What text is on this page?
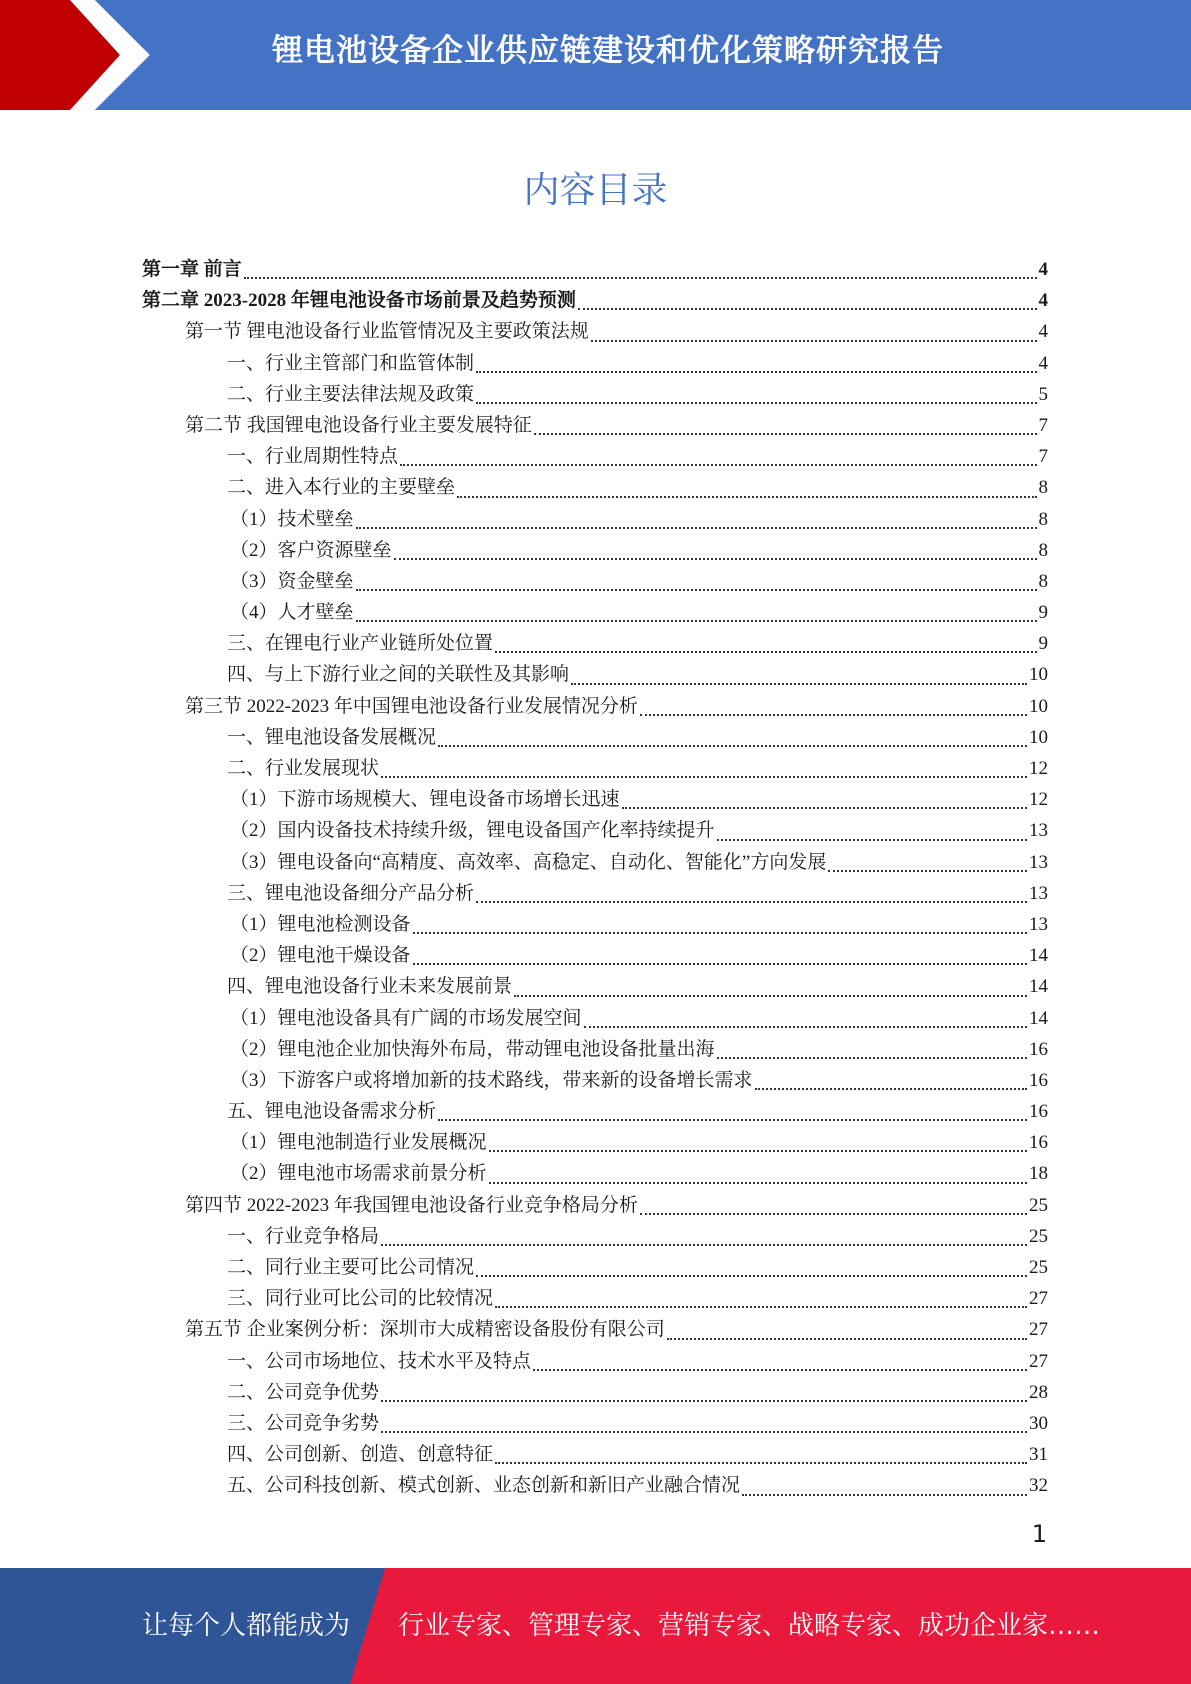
锂电池设备企业供应链建设和优化策略研究报告
内容目录
第一章 前言	4
第二章 2023-2028 年锂电池设备市场前景及趋势预测	4
第一节 锂电池设备行业监管情况及主要政策法规	4
一、行业主管部门和监管体制	4
二、行业主要法律法规及政策	5
第二节 我国锂电池设备行业主要发展特征	7
一、行业周期性特点	7
二、进入本行业的主要壁垒	8
（1）技术壁垒	8
（2）客户资源壁垒	8
（3）资金壁垒	8
（4）人才壁垒	9
三、在锂电行业产业链所处位置	9
四、与上下游行业之间的关联性及其影响	10
第三节 2022-2023 年中国锂电池设备行业发展情况分析	10
一、锂电池设备发展概况	10
二、行业发展现状	12
（1）下游市场规模大、锂电设备市场增长迅速	12
（2）国内设备技术持续升级，锂电设备国产化率持续提升	13
（3）锂电设备向“高精度、高效率、高稳定、自动化、智能化”方向发展	13
三、锂电池设备细分产品分析	13
（1）锂电池检测设备	13
（2）锂电池干燥设备	14
四、锂电池设备行业未来发展前景	14
（1）锂电池设备具有广阔的市场发展空间	14
（2）锂电池企业加快海外布局，带动锂电池设备批量出海	16
（3）下游客户或将增加新的技术路线，带来新的设备增长需求	16
五、锂电池设备需求分析	16
（1）锂电池制造行业发展概况	16
（2）锂电池市场需求前景分析	18
第四节 2022-2023 年我国锂电池设备行业竞争格局分析	25
一、行业竞争格局	25
二、同行业主要可比公司情况	25
三、同行业可比公司的比较情况	27
第五节 企业案例分析：深圳市大成精密设备股份有限公司	27
一、公司市场地位、技术水平及特点	27
二、公司竞争优势	28
三、公司竞争劣势	30
四、公司创新、创造、创意特征	31
五、公司科技创新、模式创新、业态创新和新旧产业融合情况	32
1
让每个人都能成为 行业专家、管理专家、营销专家、战略专家、成功企业家……
